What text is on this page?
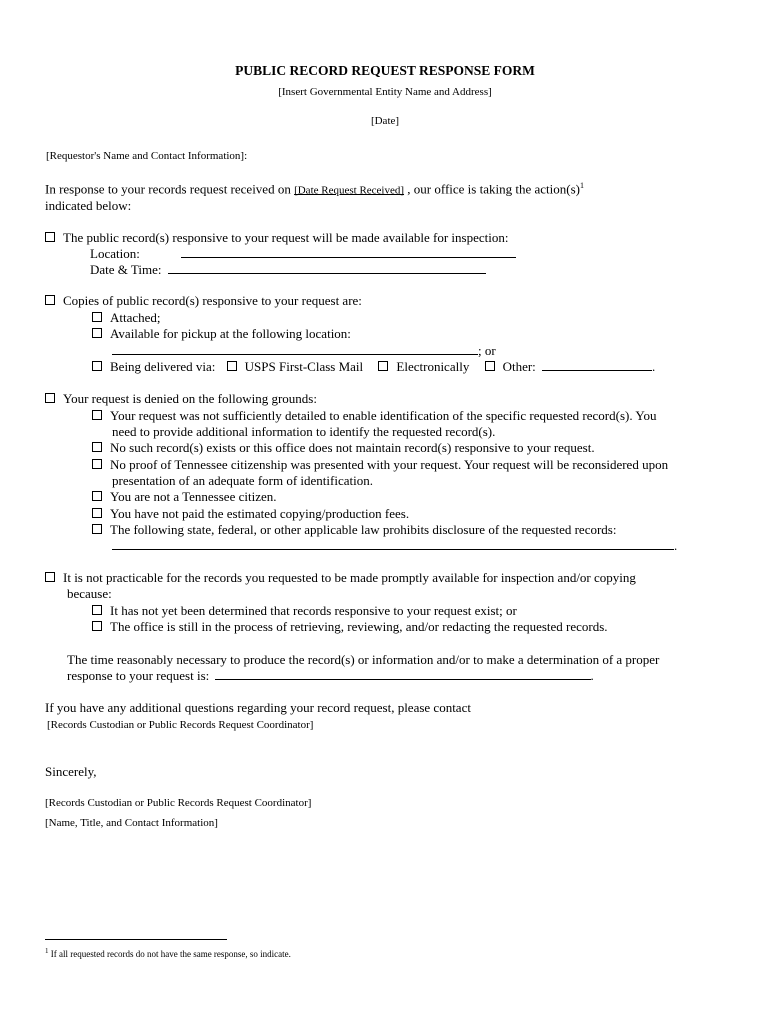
PUBLIC RECORD REQUEST RESPONSE FORM
[Insert Governmental Entity Name and Address]
[Date]
[Requestor's Name and Contact Information]:
In response to your records request received on [Date Request Received] , our office is taking the $action(s)^1$
indicated below:
The public record(s) responsive to your request will be made available for inspection:
Location:
Date & Time:
Copies of public record(s) responsive to your request are:
Attached;
Available for pickup at the following location:
; or
Being delivered via: USPS First-Class Mail	Electronically	Other:	.
Your request is denied on the following grounds:
Your request was not sufficiently detailed to enable identification of the specific requested record(s). You
need to provide additional information to identify the requested record(s).
No such record(s) exists or this office does not maintain record(s) responsive to your request.
No proof of Tennessee citizenship was presented with your request. Your request will be reconsidered upon
presentation of an adequate form of identification.
You are not a Tennessee citizen.
You have not paid the estimated copying/production fees.
The following state, federal, or other applicable law prohibits disclosure of the requested records:
.
It is not practicable for the records you requested to be made promptly available for inspection and/or copying
because:
It has not yet been determined that records responsive to your request exist; or
The office is still in the process of retrieving, reviewing, and/or redacting the requested records.
The time reasonably necessary to produce the record(s) or information and/or to make a determination of a proper
response to your request is:	.
If you have any additional questions regarding your record request, please contact
[Records Custodian or Public Records Request Coordinator]
Sincerely,
[Records Custodian or Public Records Request Coordinator]
[Name, Title, and Contact Information]
$^1$ If all requested records do not have the same response, so indicate.
